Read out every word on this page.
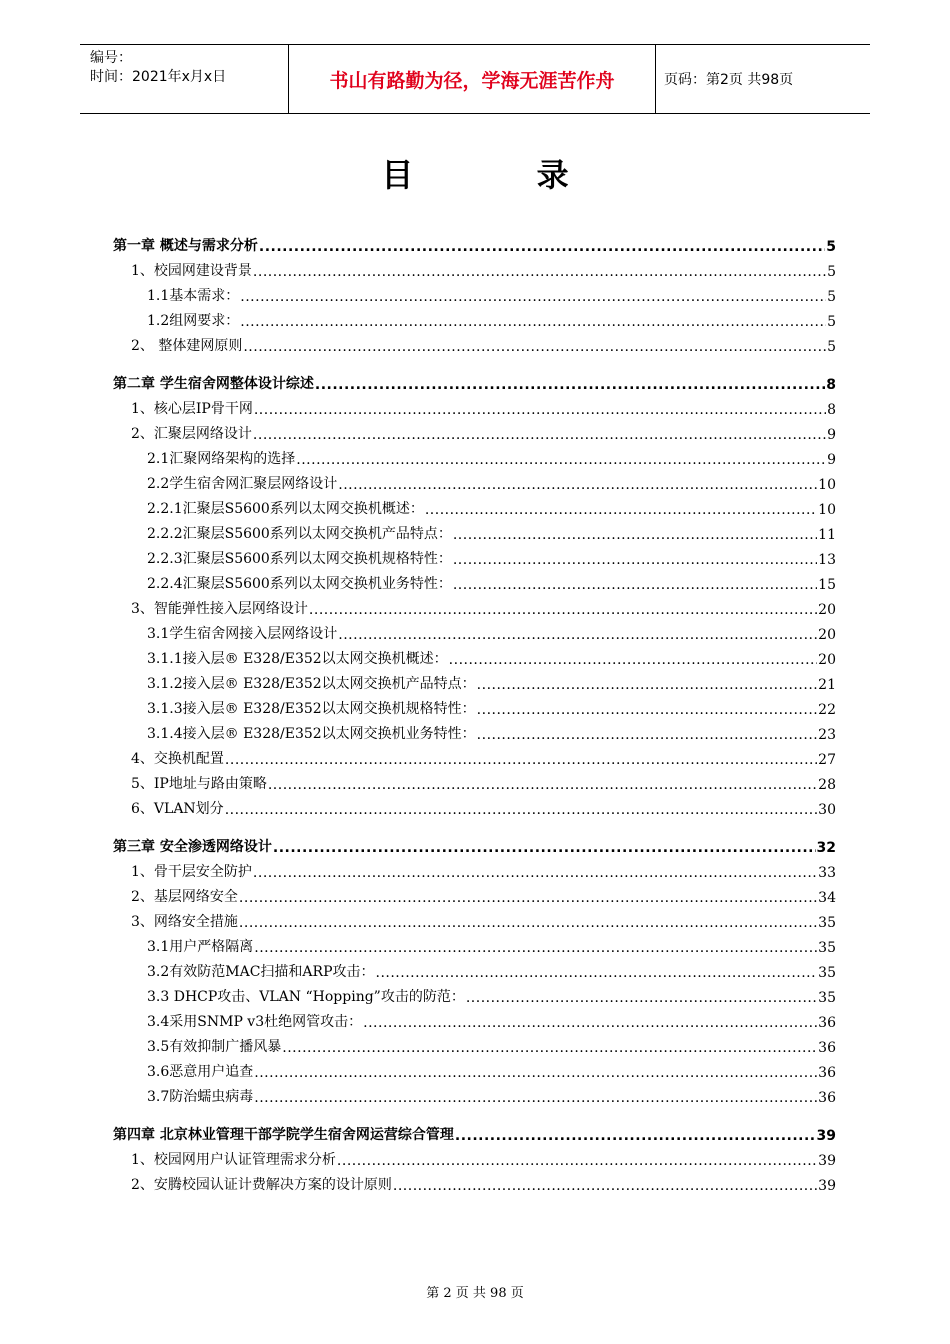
编号：
时间：2021年x月x日	书山有路勤为径，学海无涯苦作舟	页码：第2页 共98页
目 录
第一章 概述与需求分析 .....	5
1、校园网建设背景 .....	5
1.1基本需求： .....	5
1.2组网要求： .....	5
2、 整体建网原则 .....	5
第二章 学生宿舍网整体设计综述 .....	8
1、核心层IP骨干网 .....	8
2、汇聚层网络设计 .....	9
2.1汇聚网络架构的选择 .....	9
2.2学生宿舍网汇聚层网络设计 .....	10
2.2.1汇聚层S5600系列以太网交换机概述： .....	10
2.2.2汇聚层S5600系列以太网交换机产品特点： .....	11
2.2.3汇聚层S5600系列以太网交换机规格特性： .....	13
2.2.4汇聚层S5600系列以太网交换机业务特性： .....	15
3、智能弹性接入层网络设计 .....	20
3.1学生宿舍网接入层网络设计 .....	20
3.1.1接入层® E328/E352以太网交换机概述： .....	20
3.1.2接入层® E328/E352以太网交换机产品特点： .....	21
3.1.3接入层® E328/E352以太网交换机规格特性： .....	22
3.1.4接入层® E328/E352以太网交换机业务特性： .....	23
4、交换机配置 .....	27
5、IP地址与路由策略 .....	28
6、VLAN划分 .....	30
第三章 安全渗透网络设计 .....	32
1、骨干层安全防护 .....	33
2、基层网络安全 .....	34
3、网络安全措施 .....	35
3.1用户严格隔离 .....	35
3.2有效防范MAC扫描和ARP攻击： .....	35
3.3 DHCP攻击、VLAN “Hopping”攻击的防范： .....	35
3.4采用SNMP v3杜绝网管攻击： .....	36
3.5有效抑制广播风暴 .....	36
3.6恶意用户追查 .....	36
3.7防治蠕虫病毒 .....	36
第四章 北京林业管理干部学院学生宿舍网运营综合管理 .....	39
1、校园网用户认证管理需求分析 .....	39
2、安腾校园认证计费解决方案的设计原则 .....	39
第 2 页 共 98 页
